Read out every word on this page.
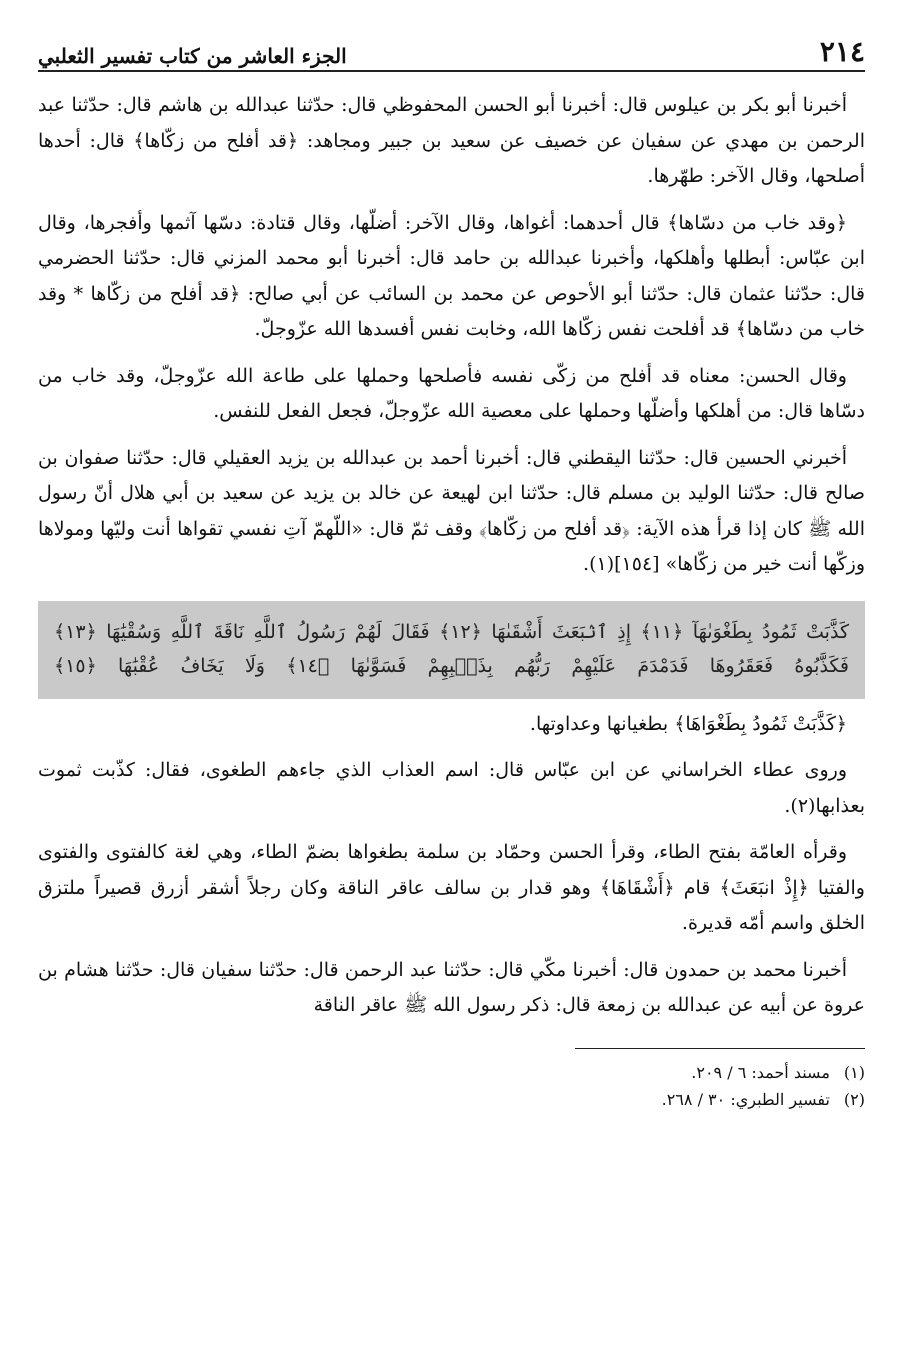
٢١٤
الجزء العاشر من كتاب تفسير الثعلبي

أخبرنا أبو بكر بن عيلوس قال: أخبرنا أبو الحسن المحفوظي قال: حدّثنا عبدالله بن هاشم قال: حدّثنا عبد الرحمن بن مهدي عن سفيان عن خصيف عن سعيد بن جبير ومجاهد: ﴿قد أفلح من زكّاها﴾ قال: أحدها أصلحها، وقال الآخر: طهّرها.

﴿وقد خاب من دسّاها﴾ قال أحدهما: أغواها، وقال الآخر: أضلّها، وقال قتادة: دسّها آثمها وأفجرها، وقال ابن عبّاس: أبطلها وأهلكها، وأخبرنا عبدالله بن حامد قال: أخبرنا أبو محمد المزني قال: حدّثنا الحضرمي قال: حدّثنا عثمان قال: حدّثنا أبو الأحوص عن محمد بن السائب عن أبي صالح: ﴿قد أفلح من زكّاها * وقد خاب من دسّاها﴾ قد أفلحت نفس زكّاها الله، وخابت نفس أفسدها الله عزّوجلّ.

وقال الحسن: معناه قد أفلح من زكّى نفسه فأصلحها وحملها على طاعة الله عزّوجلّ، وقد خاب من دسّاها قال: من أهلكها وأضلّها وحملها على معصية الله عزّوجلّ، فجعل الفعل للنفس.

أخبرني الحسين قال: حدّثنا اليقطني قال: أخبرنا أحمد بن عبدالله بن يزيد العقيلي قال: حدّثنا صفوان بن صالح قال: حدّثنا الوليد بن مسلم قال: حدّثنا ابن لهيعة عن خالد بن يزيد عن سعيد بن أبي هلال أنّ رسول الله ﷺ كان إذا قرأ هذه الآية: ﴿قد أفلح من زكّاها﴾ وقف ثمّ قال: «اللّهمّ آتِ نفسي تقواها أنت وليّها ومولاها وزكّها أنت خير من زكّاها» [١٥٤](١).

كَذَّبَتْ ثَمُودُ بِطَغْوَىٰهَآ ﴿١١﴾ إِذِ ٱنۢبَعَثَ أَشْقَىٰهَا ﴿١٢﴾ فَقَالَ لَهُمْ رَسُولُ ٱللَّهِ نَاقَةَ ٱللَّهِ وَسُقْيَٰهَا ﴿١٣﴾
فَكَذَّبُوهُ فَعَقَرُوهَا فَدَمْدَمَ عَلَيْهِمْ رَبُّهُم بِذَنۢبِهِمْ فَسَوَّىٰهَا ﴿١٤﴾ وَلَا يَخَافُ عُقْبَٰهَا ﴿١٥﴾

﴿كَذَّبَتْ ثَمُودُ بِطَغْوَاهَا﴾ بطغيانها وعداوتها.

وروى عطاء الخراساني عن ابن عبّاس قال: اسم العذاب الذي جاءهم الطغوى، فقال: كذّبت ثموت بعذابها(٢).

وقرأه العامّة بفتح الطاء، وقرأ الحسن وحمّاد بن سلمة بطغواها بضمّ الطاء، وهي لغة كالفتوى والفتوى والفتيا ﴿إِذْ انبَعَثَ﴾ قام ﴿أَشْقَاهَا﴾ وهو قدار بن سالف عاقر الناقة وكان رجلاً أشقر أزرق قصيراً ملتزق الخلق واسم أمّه قديرة.

أخبرنا محمد بن حمدون قال: أخبرنا مكّي قال: حدّثنا عبد الرحمن قال: حدّثنا سفيان قال: حدّثنا هشام بن عروة عن أبيه عن عبدالله بن زمعة قال: ذكر رسول الله ﷺ عاقر الناقة

(١)
مسند أحمد: ٦ / ٢٠٩.
(٢)
تفسير الطبري: ٣٠ / ٢٦٨.
